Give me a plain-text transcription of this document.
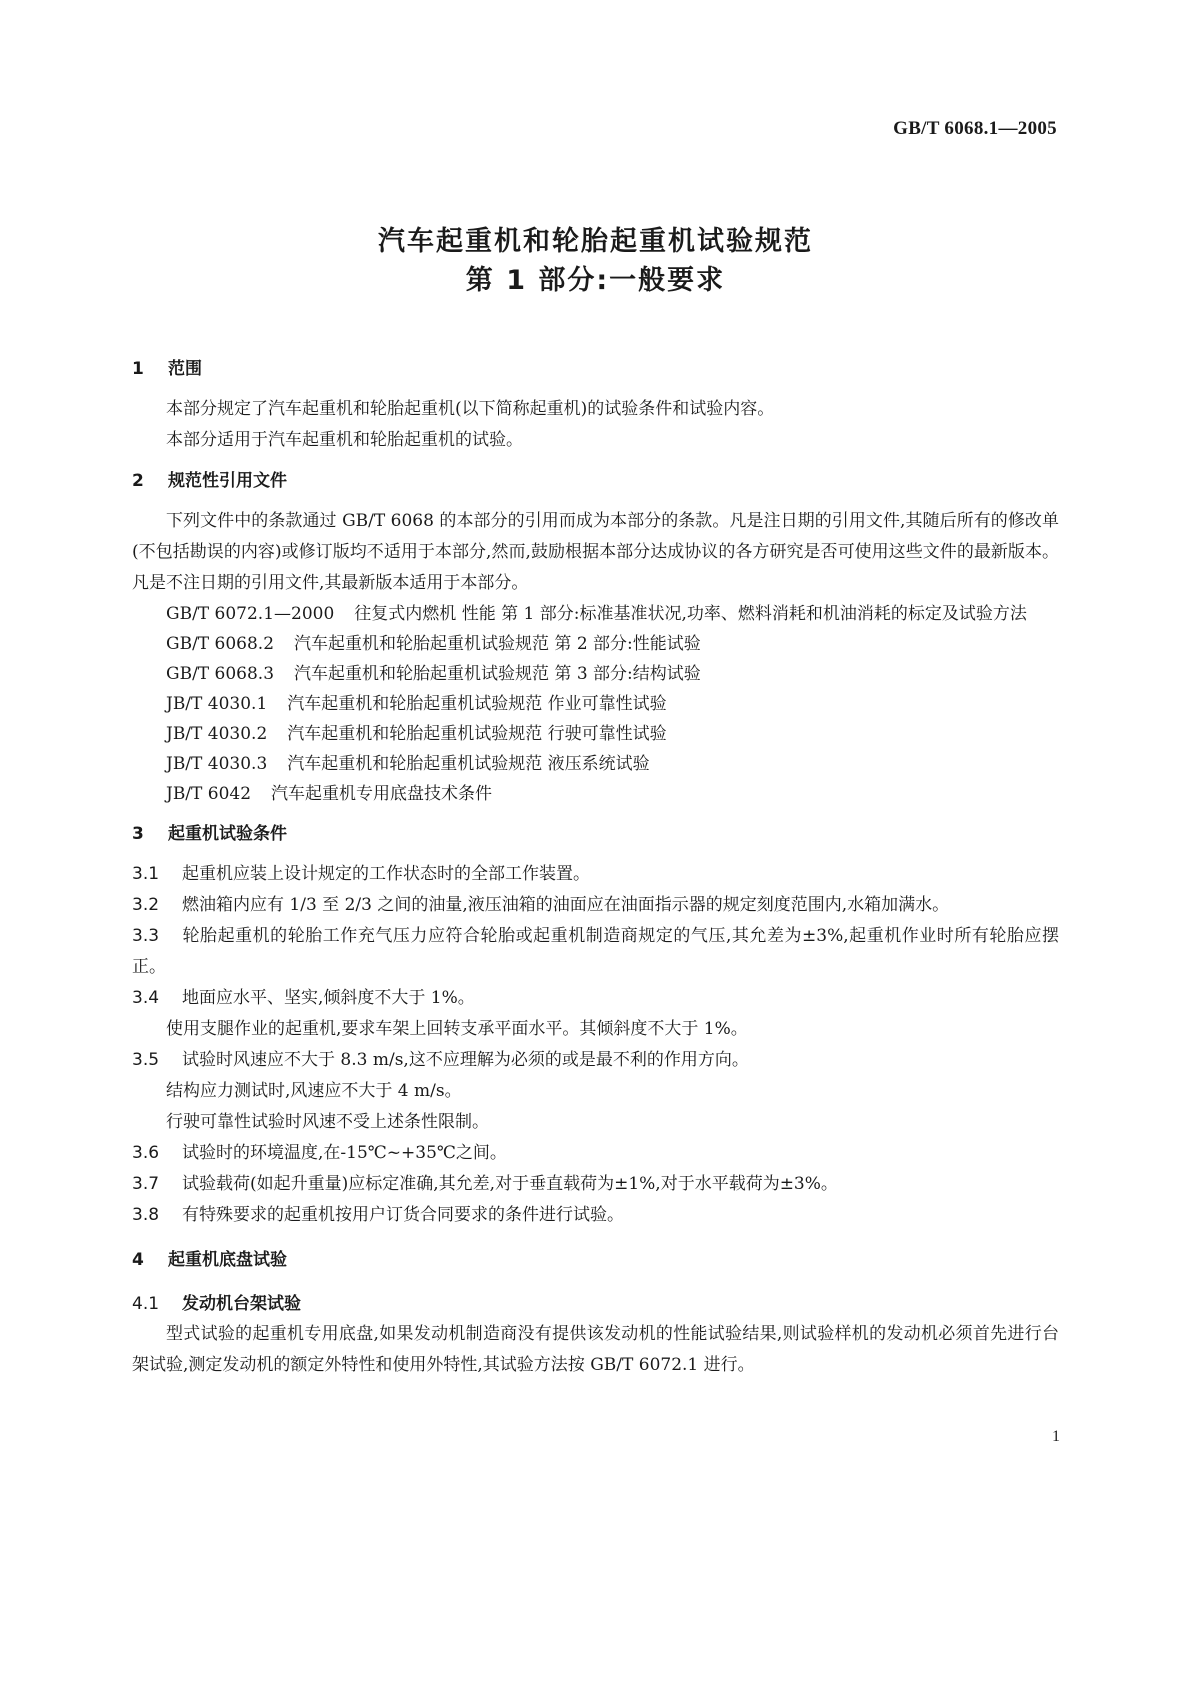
GB/T 6068.1—2005
汽车起重机和轮胎起重机试验规范
第 1 部分:一般要求
1 范围

本部分规定了汽车起重机和轮胎起重机(以下简称起重机)的试验条件和试验内容。

本部分适用于汽车起重机和轮胎起重机的试验。

2 规范性引用文件

下列文件中的条款通过 GB/T 6068 的本部分的引用而成为本部分的条款。凡是注日期的引用文件,其随后所有的修改单(不包括勘误的内容)或修订版均不适用于本部分,然而,鼓励根据本部分达成协议的各方研究是否可使用这些文件的最新版本。凡是不注日期的引用文件,其最新版本适用于本部分。

GB/T 6072.1—2000 往复式内燃机 性能 第 1 部分:标准基准状况,功率、燃料消耗和机油消耗的标定及试验方法
GB/T 6068.2 汽车起重机和轮胎起重机试验规范 第 2 部分:性能试验
GB/T 6068.3 汽车起重机和轮胎起重机试验规范 第 3 部分:结构试验
JB/T 4030.1 汽车起重机和轮胎起重机试验规范 作业可靠性试验
JB/T 4030.2 汽车起重机和轮胎起重机试验规范 行驶可靠性试验
JB/T 4030.3 汽车起重机和轮胎起重机试验规范 液压系统试验
JB/T 6042 汽车起重机专用底盘技术条件
3 起重机试验条件

3.1 起重机应装上设计规定的工作状态时的全部工作装置。

3.2 燃油箱内应有 1/3 至 2/3 之间的油量,液压油箱的油面应在油面指示器的规定刻度范围内,水箱加满水。

3.3 轮胎起重机的轮胎工作充气压力应符合轮胎或起重机制造商规定的气压,其允差为±3%,起重机作业时所有轮胎应摆正。

3.4 地面应水平、坚实,倾斜度不大于 1%。

使用支腿作业的起重机,要求车架上回转支承平面水平。其倾斜度不大于 1%。

3.5 试验时风速应不大于 8.3 m/s,这不应理解为必须的或是最不利的作用方向。

结构应力测试时,风速应不大于 4 m/s。

行驶可靠性试验时风速不受上述条性限制。

3.6 试验时的环境温度,在-15℃~+35℃之间。

3.7 试验载荷(如起升重量)应标定准确,其允差,对于垂直载荷为±1%,对于水平载荷为±3%。

3.8 有特殊要求的起重机按用户订货合同要求的条件进行试验。

4 起重机底盘试验
4.1 发动机台架试验

型式试验的起重机专用底盘,如果发动机制造商没有提供该发动机的性能试验结果,则试验样机的发动机必须首先进行台架试验,测定发动机的额定外特性和使用外特性,其试验方法按 GB/T 6072.1 进行。

1
